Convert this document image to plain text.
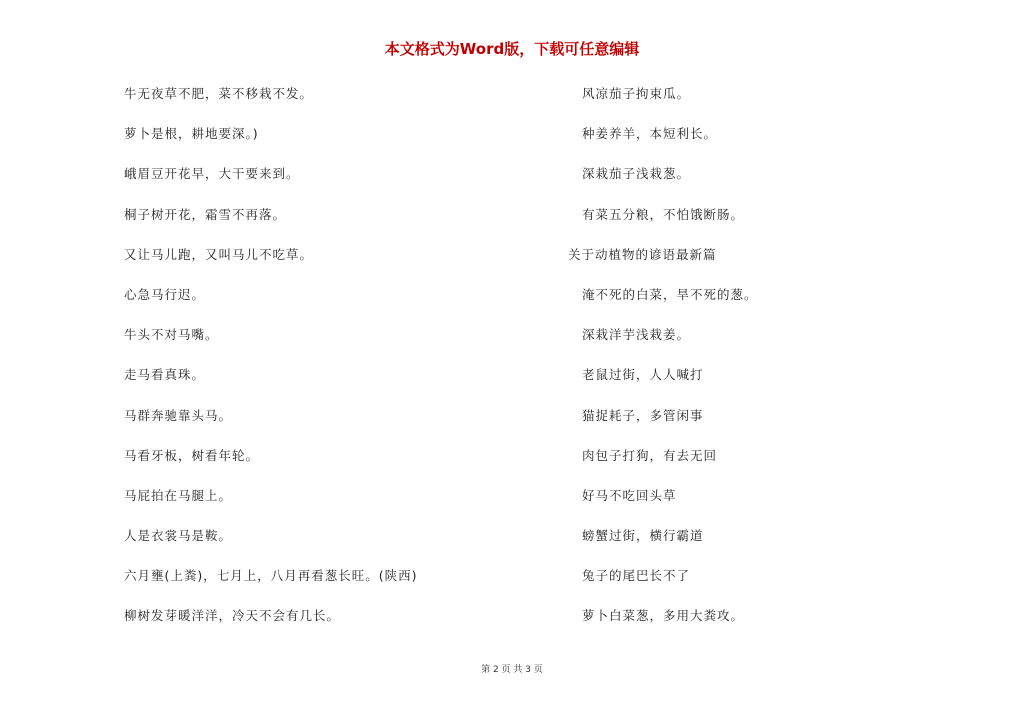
本文格式为Word版，下载可任意编辑
牛无夜草不肥，菜不移栽不发。
萝卜是根，耕地要深。)
峨眉豆开花早，大干要来到。
桐子树开花，霜雪不再落。
又让马儿跑，又叫马儿不吃草。
心急马行迟。
牛头不对马嘴。
走马看真珠。
马群奔驰靠头马。
马看牙板，树看年轮。
马屁拍在马腿上。
人是衣裳马是鞍。
六月壅(上粪)，七月上，八月再看葱长旺。(陕西)
柳树发芽暖洋洋，冷天不会有几长。
风凉茄子拘束瓜。
种姜养羊，本短利长。
深栽茄子浅栽葱。
有菜五分粮，不怕饿断肠。
关于动植物的谚语最新篇
淹不死的白菜，旱不死的葱。
深栽洋芋浅栽姜。
老鼠过街，人人喊打
猫捉耗子，多管闲事
肉包子打狗，有去无回
好马不吃回头草
螃蟹过街，横行霸道
兔子的尾巴长不了
萝卜白菜葱，多用大粪攻。
第 2 页 共 3 页
